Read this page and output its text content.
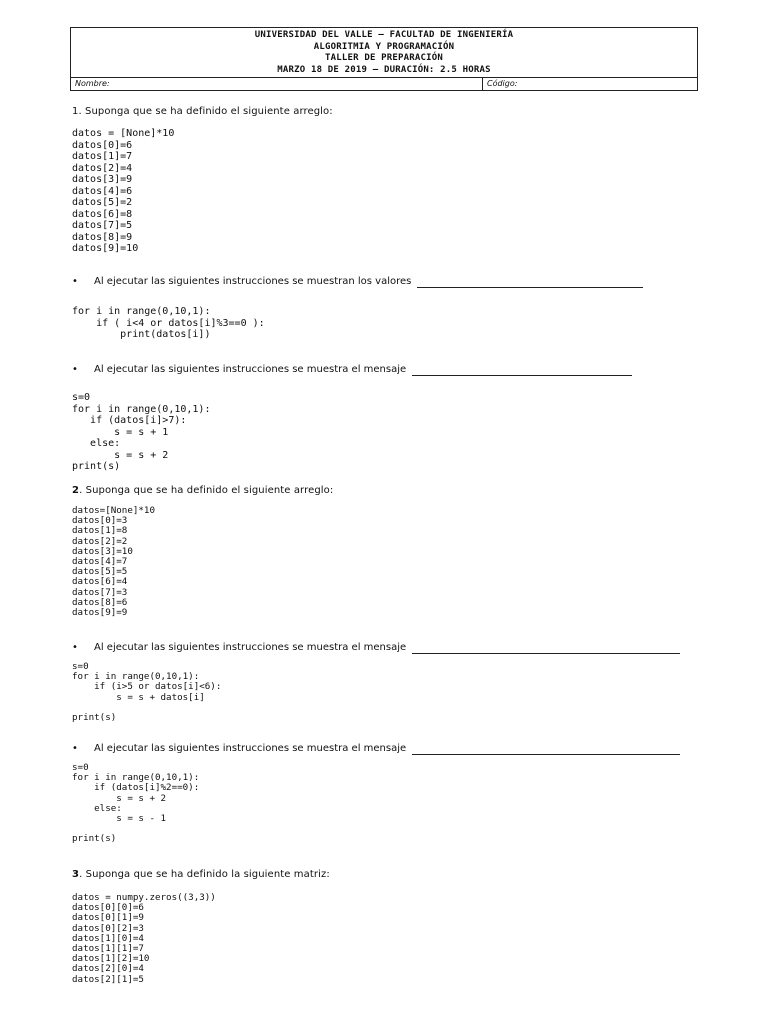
UNIVERSIDAD DEL VALLE – FACULTAD DE INGENIERÍA
ALGORITMIA Y PROGRAMACIÓN
TALLER DE PREPARACIÓN
MARZO 18 DE 2019 – DURACIÓN: 2.5 HORAS
Nombre:	Código:
1. Suponga que se ha definido el siguiente arreglo:
datos = [None]*10
datos[0]=6
datos[1]=7
datos[2]=4
datos[3]=9
datos[4]=6
datos[5]=2
datos[6]=8
datos[7]=5
datos[8]=9
datos[9]=10
•	Al ejecutar las siguientes instrucciones se muestran los valores
for i in range(0,10,1):
if ( i<4 or datos[i]%3==0 ):
print(datos[i])
•	Al ejecutar las siguientes instrucciones se muestra el mensaje
s=0
for i in range(0,10,1):
if (datos[i]>7):
s = s + 1
else:
s = s + 2
print(s)
2. Suponga que se ha definido el siguiente arreglo:
datos=[None]*10
datos[0]=3
datos[1]=8
datos[2]=2
datos[3]=10
datos[4]=7
datos[5]=5
datos[6]=4
datos[7]=3
datos[8]=6
datos[9]=9
•	Al ejecutar las siguientes instrucciones se muestra el mensaje
s=0
for i in range(0,10,1):
if (i>5 or datos[i]<6):
s = s + datos[i]

print(s)
•	Al ejecutar las siguientes instrucciones se muestra el mensaje
s=0
for i in range(0,10,1):
if (datos[i]%2==0):
s = s + 2
else:
s = s - 1

print(s)
3. Suponga que se ha definido la siguiente matriz:
datos = numpy.zeros((3,3))
datos[0][0]=6
datos[0][1]=9
datos[0][2]=3
datos[1][0]=4
datos[1][1]=7
datos[1][2]=10
datos[2][0]=4
datos[2][1]=5
